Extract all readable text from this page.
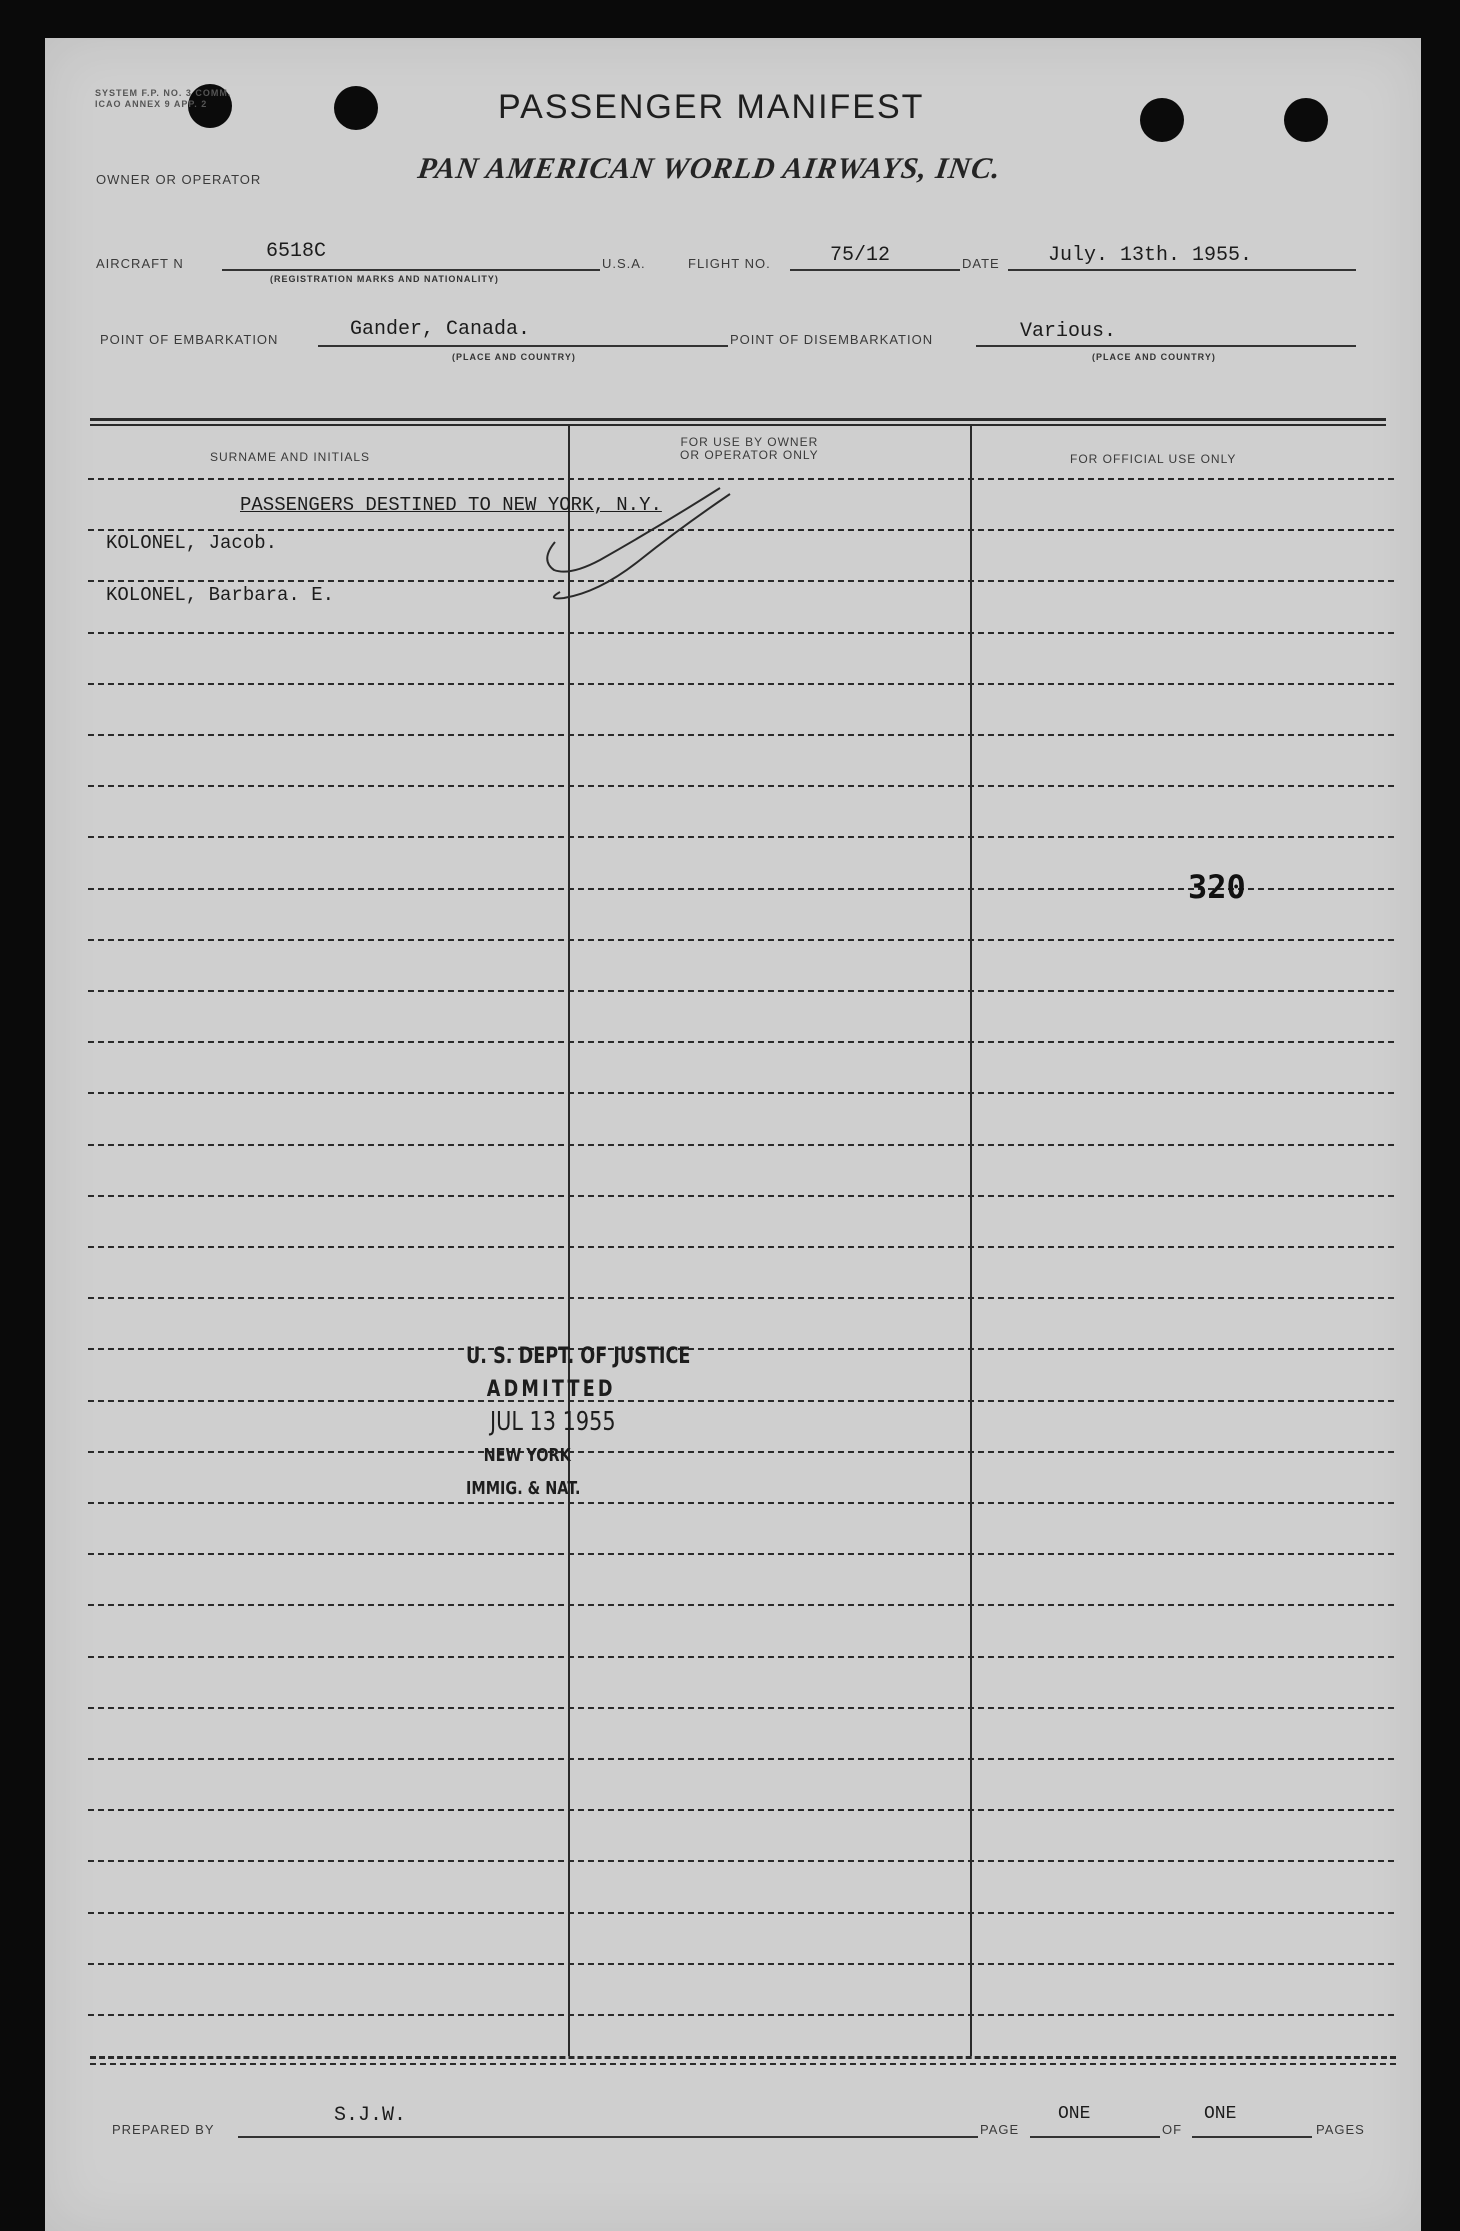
SYSTEM F.P. NO. 3 COMM.
ICAO ANNEX 9 APP. 2	PASSENGER MANIFEST
OWNER OR OPERATOR	PAN AMERICAN WORLD AIRWAYS, INC.
AIRCRAFT N
6518C
(REGISTRATION MARKS AND NATIONALITY)
U.S.A.	FLIGHT NO.	75/12	DATE July. 13th. 1955.
POINT OF EMBARKATION	Gander, Canada.
(PLACE AND COUNTRY)
POINT OF DISEMBARKATION	Various.
(PLACE AND COUNTRY)
SURNAME AND INITIALS
FOR USE BY OWNER
OR OPERATOR ONLY	FOR OFFICIAL USE ONLY
PASSENGERS DESTINED TO NEW YORK, N.Y.
KOLONEL, Jacob.
KOLONEL, Barbara. E.
320
U. S. DEPT. OF JUSTICE
ADMITTED
JUL 13 1955
NEW YORK
IMMIG. & NAT.
PREPARED BY
S.J.W.
PAGE
ONE
OF
ONE
PAGES
